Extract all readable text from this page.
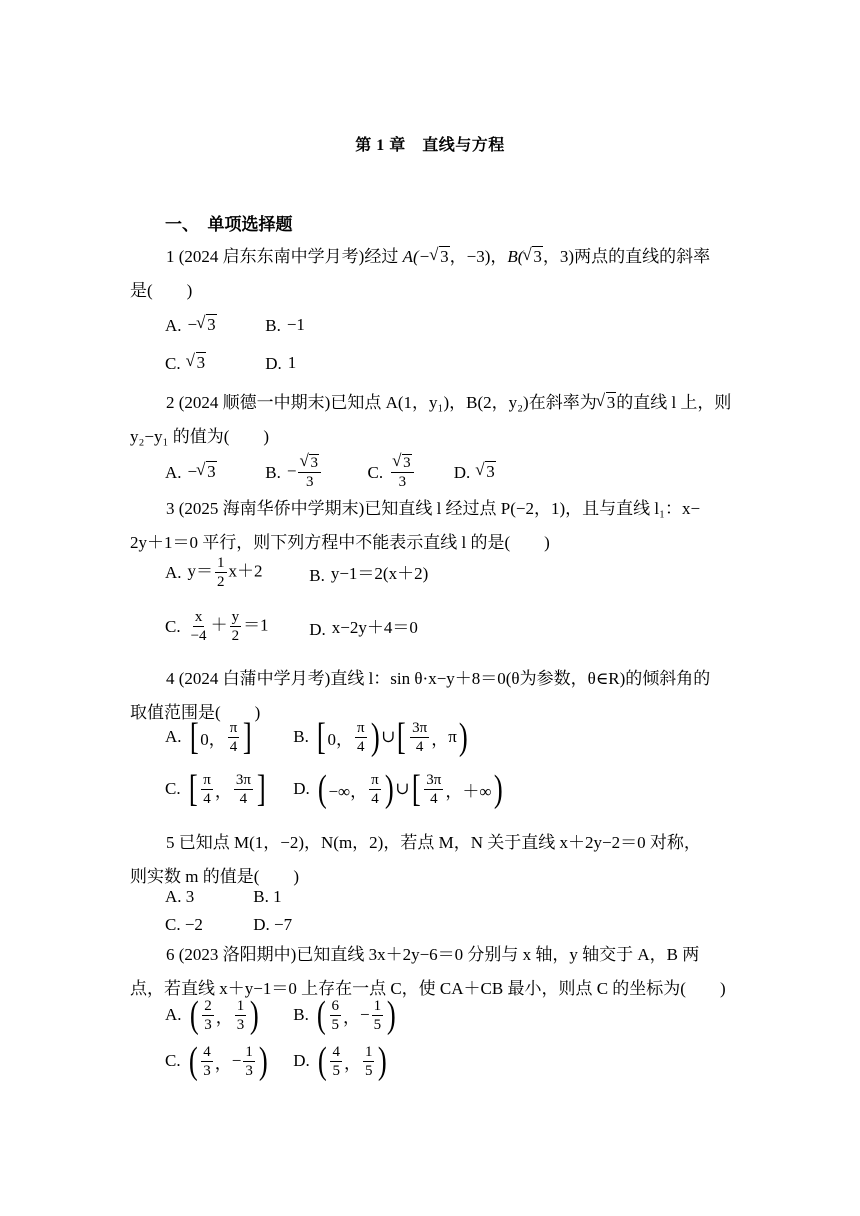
第 1 章　直线与方程
一、　单项选择题
1 (2024 启东东南中学月考)经过 A(−√ 3，−3)，B(√ 3，3)两点的直线的斜率
是(　　)
A. −√ 3	B. −1
C.√ 3	D. 1
2 (2024 顺德一中期末)已知点 A(1，y₁)，B(2，y₂)在斜率为√ 3的直线 l 上，则
y₂−y₁ 的值为(　　)
A. −√ 3	B. −
√ $\frac{3}{3}$	C.
√ $\frac{3}{3} D.√$ 3
3 (2025 海南华侨中学期末)已知直线 l 经过点 P(−2，1)，且与直线 l₁：x−
2y＋1＝0 平行，则下列方程中不能表示直线 l 的是(　　)
A. $y= \frac{1}{2} x+2$	B. y−1＝2(x＋2)
C. $\frac{x}{-4} + \frac{y}{2} =1$ D. x−2y＋4＝0
4 (2024 白蒲中学月考)直线 l：sin θ·x−y＋8＝0(θ为参数，θ∈R)的倾斜角的
取值范围是(　　)
A. [ 0， $\frac{\pi}{4}$ ] B. [ 0， $\frac{\pi}{4}$ ) ∪ [ $\frac{3\pi}{4}$ ， π )
C. [ $\frac{\pi}{4}$ ， $\frac{3\pi}{4}$ ] D. ( −∞， $\frac{\pi}{4}$ ) ∪ [ $\frac{3\pi}{4}$ ， ＋∞ )
5 已知点 M(1，−2)，N(m，2)，若点 M，N 关于直线 x＋2y−2＝0 对称，
则实数 m 的值是(　　)
A. 3	B. 1
C. −2	D. −7
6 (2023 洛阳期中)已知直线 3x＋2y−6＝0 分别与 x 轴，y 轴交于 A，B 两
点，若直线 x＋y−1＝0 上存在一点 C，使 CA＋CB 最小，则点 C 的坐标为(　　)
A. ( $\frac{2}{3}$ ， $\frac{1}{3}$ ) B. ( $\frac{6}{5}$ ， − $\frac{1}{5}$ )
C. ( $\frac{4}{3}$ ， − $\frac{1}{3}$ ) D. ( $\frac{4}{5}$ ， $\frac{1}{5}$ )
